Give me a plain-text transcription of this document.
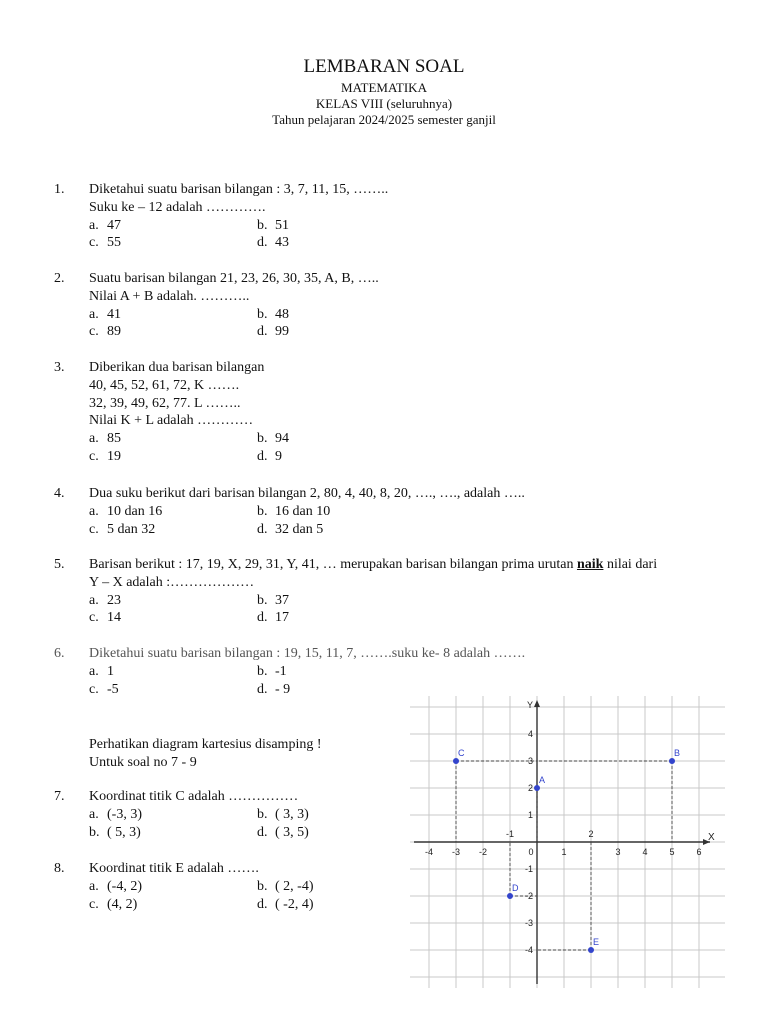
LEMBARAN SOAL
MATEMATIKA
KELAS VIII (seluruhnya)
Tahun pelajaran 2024/2025 semester ganjil
1. Diketahui suatu barisan bilangan : 3, 7, 11, 15, ……..
Suku ke – 12 adalah ………….
a. 47	b. 51
c. 55	d. 43
2. Suatu barisan bilangan 21, 23, 26, 30, 35, A, B, …..
Nilai A + B adalah. ………..
a. 41	b. 48
c. 89	d. 99
3. Diberikan dua barisan bilangan
40, 45, 52, 61, 72, K …….
32, 39, 49, 62, 77. L ……..
Nilai K + L adalah …………
a. 85	b. 94
c. 19	d. 9
4. Dua suku berikut dari barisan bilangan 2, 80, 4, 40, 8, 20, …., …., adalah …..
a. 10 dan 16	b. 16 dan 10
c. 5 dan 32	d. 32 dan 5
5. Barisan berikut : 17, 19, X, 29, 31, Y, 41, … merupakan barisan bilangan prima urutan naik nilai dari
Y – X adalah :………………
a. 23	b. 37
c. 14	d. 17
6. Diketahui suatu barisan bilangan : 19, 15, 11, 7, …….suku ke- 8 adalah …….
a. 1	b. -1
c. -5	d. - 9
Perhatikan diagram kartesius disamping !
Untuk soal no 7 - 9
7. Koordinat titik C adalah ……………
a. (-3, 3)	b. ( 3, 3)
b. ( 5, 3)	d. ( 3, 5)
8. Koordinat titik E adalah …….
a. (-4, 2)	b. ( 2, -4)
c. (4, 2)	d. ( -2, 4)
X
Y
-4 -3 -2	0	1	3 4 5 6
4
3
2
1
-1
-2
-3
-4
-1	2
A
B
C
D
E
